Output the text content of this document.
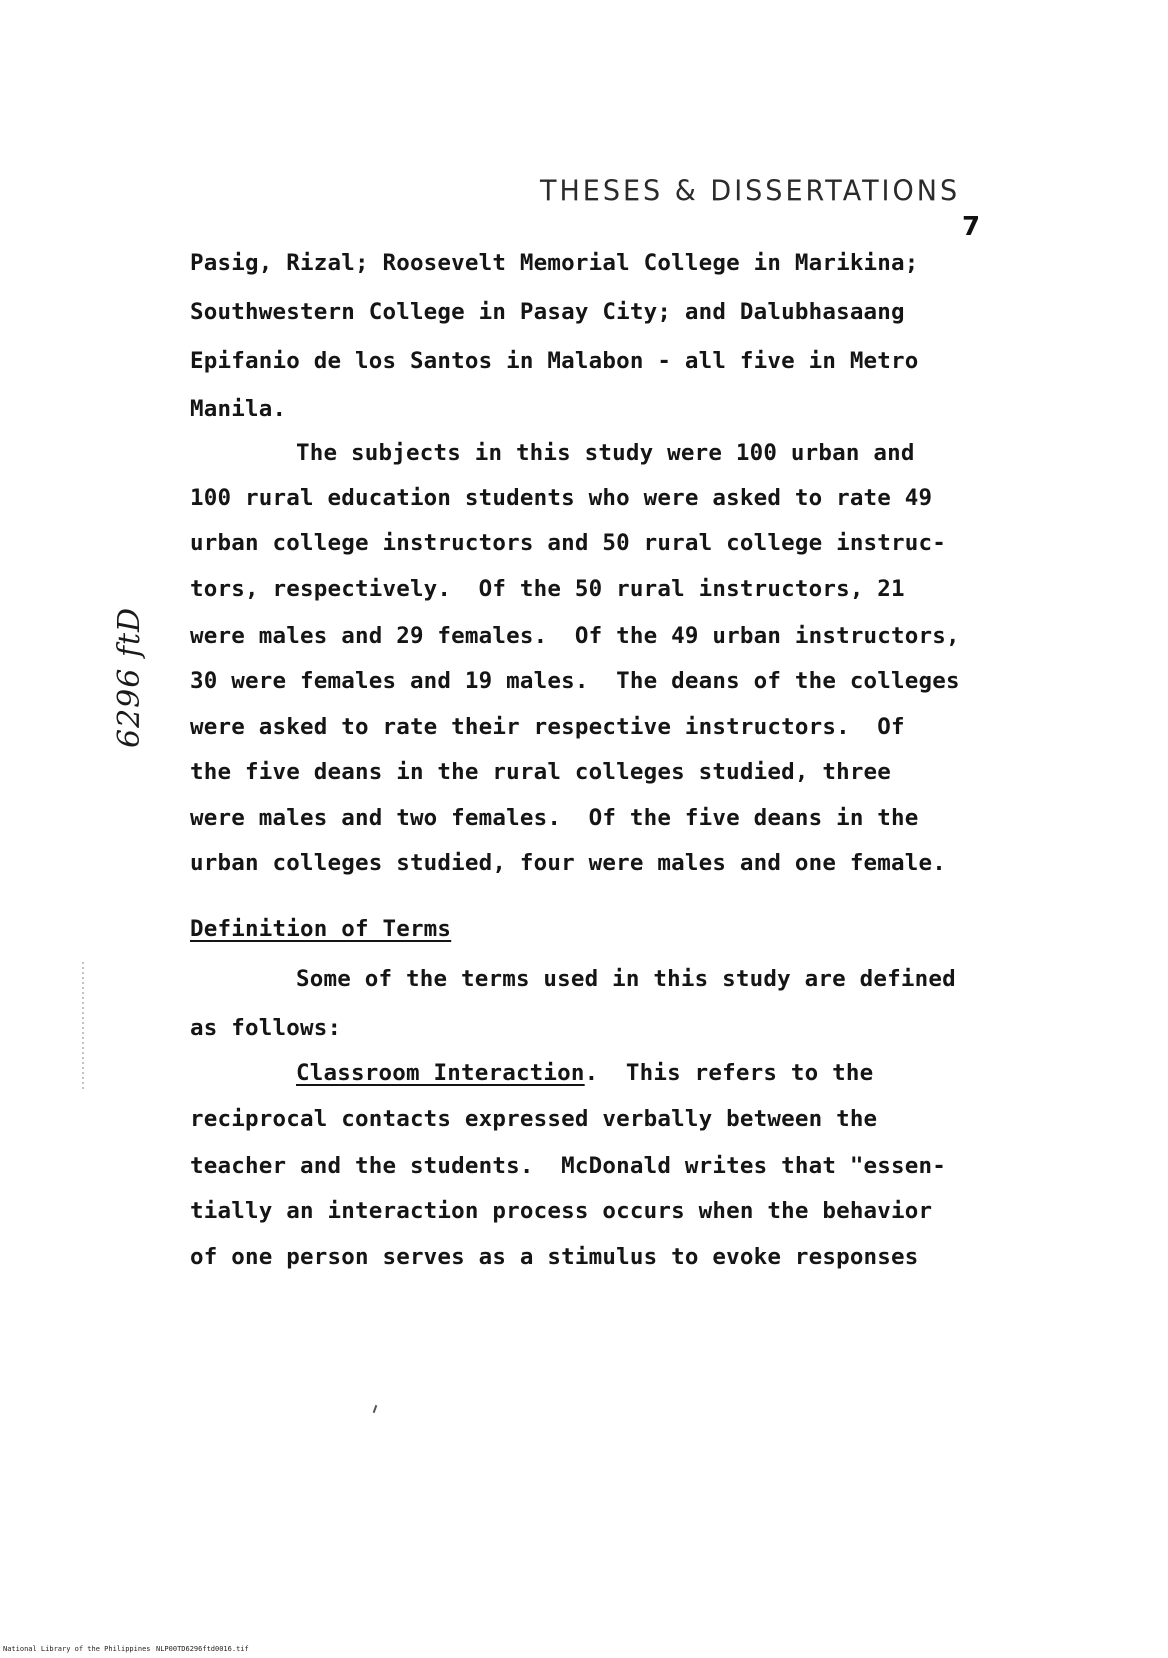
THESES & DISSERTATIONS
7
6296 ftD
Pasig, Rizal; Roosevelt Memorial College in Marikina;
Southwestern College in Pasay City; and Dalubhasaang
Epifanio de los Santos in Malabon - all five in Metro
Manila.
The subjects in this study were 100 urban and
100 rural education students who were asked to rate 49
urban college instructors and 50 rural college instruc-
tors, respectively.  Of the 50 rural instructors, 21
were males and 29 females.  Of the 49 urban instructors,
30 were females and 19 males.  The deans of the colleges
were asked to rate their respective instructors.  Of
the five deans in the rural colleges studied, three
were males and two females.  Of the five deans in the
urban colleges studied, four were males and one female.
Definition of Terms
Some of the terms used in this study are defined
as follows:
Classroom Interaction.  This refers to the
reciprocal contacts expressed verbally between the
teacher and the students.  McDonald writes that "essen-
tially an interaction process occurs when the behavior
of one person serves as a stimulus to evoke responses
National Library of the Philippines NLP00TD6296ftd0016.tif
